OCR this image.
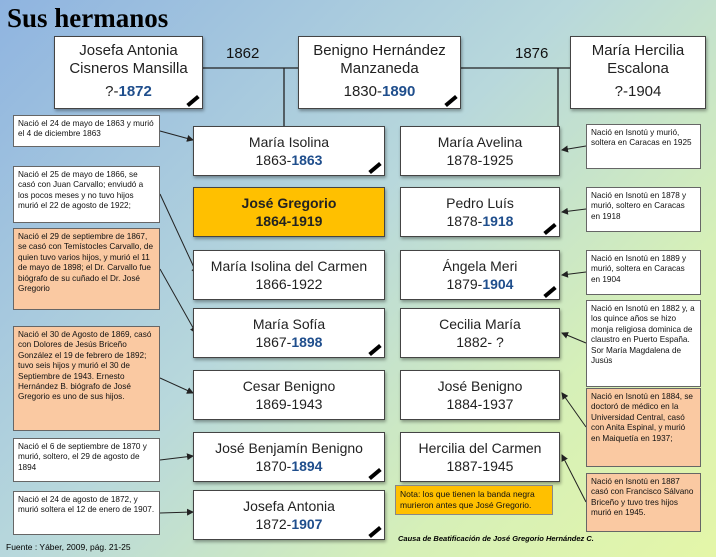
Sus hermanos
Josefa Antonia
Cisneros Mansilla
?-1872
Benigno Hernández
Manzaneda
1830-1890
María Hercilia
Escalona
?-1904
1862	1876
María Isolina
1863-1863
José Gregorio
1864-1919
María Isolina del Carmen
1866-1922
María Sofía
1867-1898
Cesar Benigno
1869-1943
José Benjamín Benigno
1870-1894
Josefa Antonia
1872-1907
María Avelina
1878-1925
Pedro Luís
1878-1918
Ángela Meri
1879-1904
Cecilia María
1882- ?
José Benigno
1884-1937
Hercilia del Carmen
1887-1945
Nació el 24 de mayo de 1863 y murió el 4 de diciembre 1863
Nació el 25 de mayo de 1866, se casó con Juan Carvallo; enviudó a los pocos meses y no tuvo hijos murió el 22 de agosto de 1922;
Nació el 29 de septiembre de 1867, se casó con Temístocles Carvallo, de quien tuvo varios hijos, y murió el 11 de mayo de 1898; el Dr. Carvallo fue biógrafo de su cuñado el Dr. José Gregorio
Nació el 30 de Agosto de 1869, casó con Dolores de Jesús Briceño González el 19 de febrero de 1892; tuvo seis hijos y murió el 30 de Septiembre de 1943. Ernesto Hernández B. biógrafo de José Gregorio es uno de sus hijos.
Nació el 6 de septiembre de 1870 y murió, soltero, el 29 de agosto de 1894
Nació el 24 de agosto de 1872, y murió soltera el 12 de enero de 1907.
Nació en Isnotú y murió, soltera en Caracas en 1925
Nació en Isnotú en 1878 y murió, soltero en Caracas en 1918
Nació en Isnotú en 1889 y murió, soltera en Caracas en 1904
Nació en Isnotú en 1882 y, a los quince años se hizo monja religiosa dominica de claustro en Puerto España. Sor María Magdalena de Jusús
Nació en Isnotú en 1884, se doctoró de médico en la Universidad Central, casó con Anita Espinal, y murió en Maiquetía en 1937;
Nació en Isnotú en 1887 casó con Francisco Sálvano Briceño y tuvo tres hijos murió en 1945.
Nota: los que tienen la banda negra murieron antes que José Gregorio.
Fuente : Yáber, 2009, pág. 21-25
Causa de Beatificación de José Gregorio Hernández C.
